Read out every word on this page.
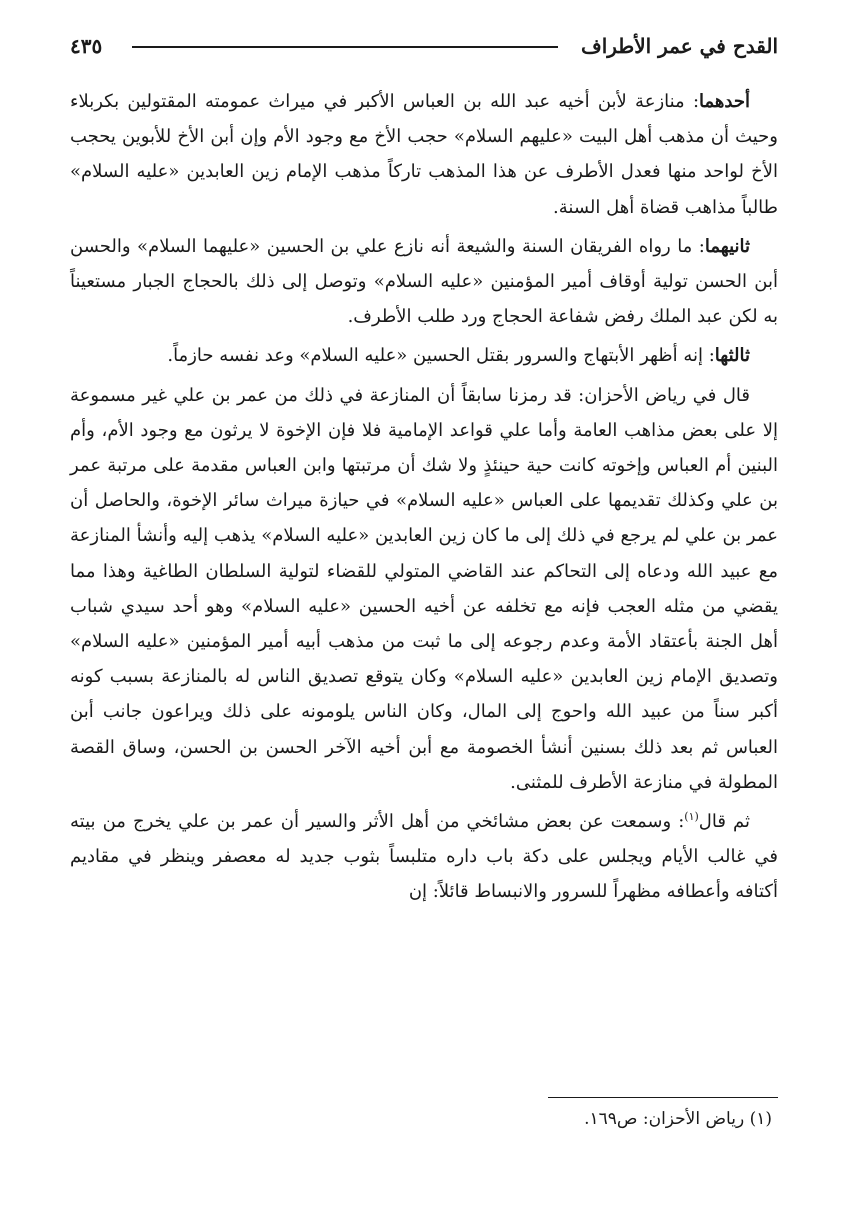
القدح في عمر الأطراف
٤٣٥

أحدهما: منازعة لأبن أخيه عبد الله بن العباس الأكبر في ميراث عمومته المقتولين بكربلاء وحيث أن مذهب أهل البيت «عليهم السلام» حجب الأخ مع وجود الأم وإن أبن الأخ للأبوين يحجب الأخ لواحد منها فعدل الأطرف عن هذا المذهب تاركاً مذهب الإمام زين العابدين «عليه السلام» طالباً مذاهب قضاة أهل السنة.

ثانيهما: ما رواه الفريقان السنة والشيعة أنه نازع علي بن الحسين «عليهما السلام» والحسن أبن الحسن تولية أوقاف أمير المؤمنين «عليه السلام» وتوصل إلى ذلك بالحجاج الجبار مستعيناً به لكن عبد الملك رفض شفاعة الحجاج ورد طلب الأطرف.

ثالثها: إنه أظهر الأبتهاج والسرور بقتل الحسين «عليه السلام» وعد نفسه حازماً.

قال في رياض الأحزان: قد رمزنا سابقاً أن المنازعة في ذلك من عمر بن علي غير مسموعة إلا على بعض مذاهب العامة وأما علي قواعد الإمامية فلا فإن الإخوة لا يرثون مع وجود الأم، وأم البنين أم العباس وإخوته كانت حية حينئذٍ ولا شك أن مرتبتها وابن العباس مقدمة على مرتبة عمر بن علي وكذلك تقديمها على العباس «عليه السلام» في حيازة ميراث سائر الإخوة، والحاصل أن عمر بن علي لم يرجع في ذلك إلى ما كان زين العابدين «عليه السلام» يذهب إليه وأنشأ المنازعة مع عبيد الله ودعاه إلى التحاكم عند القاضي المتولي للقضاء لتولية السلطان الطاغية وهذا مما يقضي من مثله العجب فإنه مع تخلفه عن أخيه الحسين «عليه السلام» وهو أحد سيدي شباب أهل الجنة بأعتقاد الأمة وعدم رجوعه إلى ما ثبت من مذهب أبيه أمير المؤمنين «عليه السلام» وتصديق الإمام زين العابدين «عليه السلام» وكان يتوقع تصديق الناس له بالمنازعة بسبب كونه أكبر سناً من عبيد الله واحوج إلى المال، وكان الناس يلومونه على ذلك ويراعون جانب أبن العباس ثم بعد ذلك بسنين أنشأ الخصومة مع أبن أخيه الآخر الحسن بن الحسن، وساق القصة المطولة في منازعة الأطرف للمثنى.

ثم قال$^{(١)}$: وسمعت عن بعض مشائخي من أهل الأثر والسير أن عمر بن علي يخرج من بيته في غالب الأيام ويجلس على دكة باب داره متلبساً بثوب جديد له معصفر وينظر في مقاديم أكتافه وأعطافه مظهراً للسرور والانبساط قائلاً: إن

(١) رياض الأحزان: ص١٦٩.
